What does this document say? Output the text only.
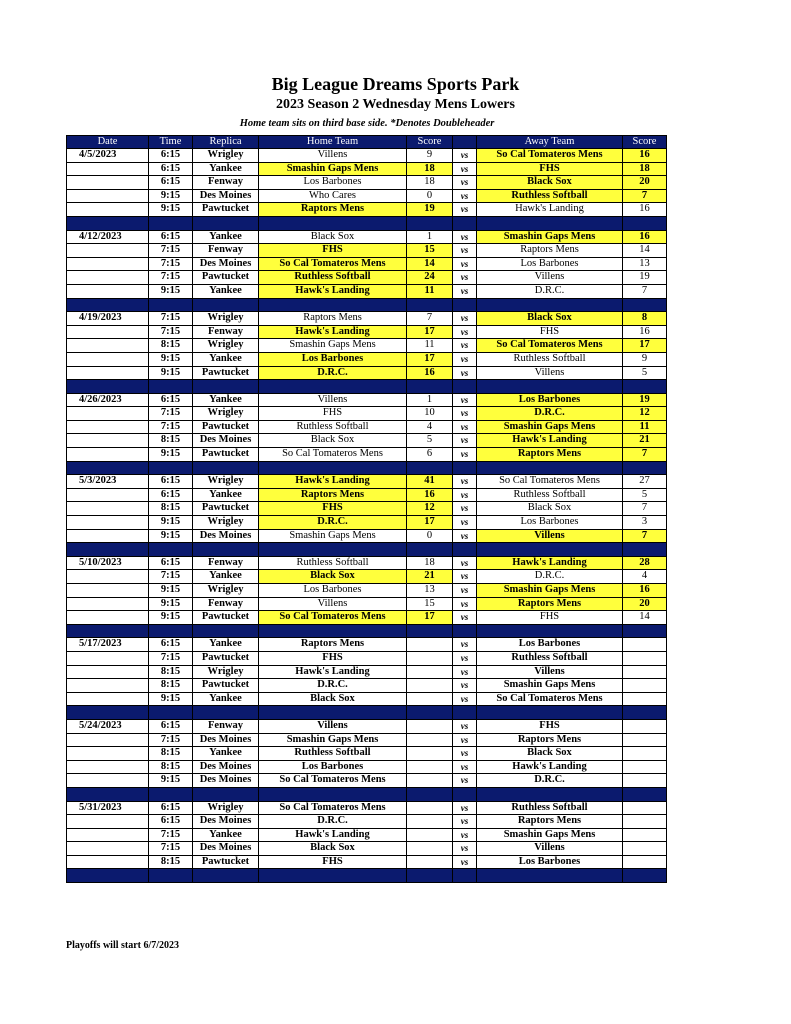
Big League Dreams Sports Park
2023 Season 2 Wednesday Mens Lowers
Home team sits on third base side. *Denotes Doubleheader
Date	Time	Replica	Home Team	Score		Away Team	Score
4/5/2023	6:15	Wrigley	Villens	9	vs	So Cal Tomateros Mens	16
	6:15	Yankee	Smashin Gaps Mens	18	vs	FHS	18
	6:15	Fenway	Los Barbones	18	vs	Black Sox	20
	9:15	Des Moines	Who Cares	0	vs	Ruthless Softball	7
	9:15	Pawtucket	Raptors Mens	19	vs	Hawk's Landing	16

4/12/2023	6:15	Yankee	Black Sox	1	vs	Smashin Gaps Mens	16
	7:15	Fenway	FHS	15	vs	Raptors Mens	14
	7:15	Des Moines	So Cal Tomateros Mens	14	vs	Los Barbones	13
	7:15	Pawtucket	Ruthless Softball	24	vs	Villens	19
	9:15	Yankee	Hawk's Landing	11	vs	D.R.C.	7

4/19/2023	7:15	Wrigley	Raptors Mens	7	vs	Black Sox	8
	7:15	Fenway	Hawk's Landing	17	vs	FHS	16
	8:15	Wrigley	Smashin Gaps Mens	11	vs	So Cal Tomateros Mens	17
	9:15	Yankee	Los Barbones	17	vs	Ruthless Softball	9
	9:15	Pawtucket	D.R.C.	16	vs	Villens	5

4/26/2023	6:15	Yankee	Villens	1	vs	Los Barbones	19
	7:15	Wrigley	FHS	10	vs	D.R.C.	12
	7:15	Pawtucket	Ruthless Softball	4	vs	Smashin Gaps Mens	11
	8:15	Des Moines	Black Sox	5	vs	Hawk's Landing	21
	9:15	Pawtucket	So Cal Tomateros Mens	6	vs	Raptors Mens	7

5/3/2023	6:15	Wrigley	Hawk's Landing	41	vs	So Cal Tomateros Mens	27
	6:15	Yankee	Raptors Mens	16	vs	Ruthless Softball	5
	8:15	Pawtucket	FHS	12	vs	Black Sox	7
	9:15	Wrigley	D.R.C.	17	vs	Los Barbones	3
	9:15	Des Moines	Smashin Gaps Mens	0	vs	Villens	7

5/10/2023	6:15	Fenway	Ruthless Softball	18	vs	Hawk's Landing	28
	7:15	Yankee	Black Sox	21	vs	D.R.C.	4
	9:15	Wrigley	Los Barbones	13	vs	Smashin Gaps Mens	16
	9:15	Fenway	Villens	15	vs	Raptors Mens	20
	9:15	Pawtucket	So Cal Tomateros Mens	17	vs	FHS	14

5/17/2023	6:15	Yankee	Raptors Mens		vs	Los Barbones	
	7:15	Pawtucket	FHS		vs	Ruthless Softball	
	8:15	Wrigley	Hawk's Landing		vs	Villens	
	8:15	Pawtucket	D.R.C.		vs	Smashin Gaps Mens	
	9:15	Yankee	Black Sox		vs	So Cal Tomateros Mens	

5/24/2023	6:15	Fenway	Villens		vs	FHS	
	7:15	Des Moines	Smashin Gaps Mens		vs	Raptors Mens	
	8:15	Yankee	Ruthless Softball		vs	Black Sox	
	8:15	Des Moines	Los Barbones		vs	Hawk's Landing	
	9:15	Des Moines	So Cal Tomateros Mens		vs	D.R.C.	

5/31/2023	6:15	Wrigley	So Cal Tomateros Mens		vs	Ruthless Softball	
	6:15	Des Moines	D.R.C.		vs	Raptors Mens	
	7:15	Yankee	Hawk's Landing		vs	Smashin Gaps Mens	
	7:15	Des Moines	Black Sox		vs	Villens	
	8:15	Pawtucket	FHS		vs	Los Barbones	

Playoffs will start 6/7/2023
